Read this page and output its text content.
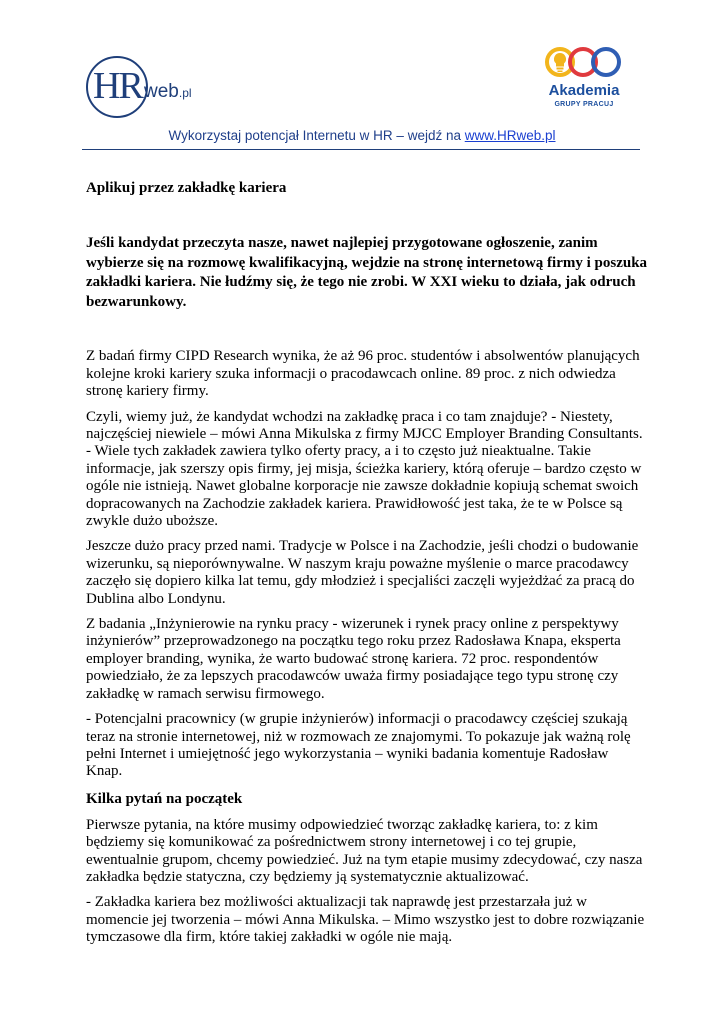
HR web.pl	Akademia
GRUPY PRACUJ
Wykorzystaj potencjał Internetu w HR – wejdź na www.HRweb.pl
Aplikuj przez zakładkę kariera

Jeśli kandydat przeczyta nasze, nawet najlepiej przygotowane ogłoszenie, zanim wybierze się na rozmowę kwalifikacyjną, wejdzie na stronę internetową firmy i poszuka zakładki kariera. Nie łudźmy się, że tego nie zrobi. W XXI wieku to działa, jak odruch bezwarunkowy.

Z badań firmy CIPD Research wynika, że aż 96 proc. studentów i absolwentów planujących kolejne kroki kariery szuka informacji o pracodawcach online. 89 proc. z nich odwiedza stronę kariery firmy.

Czyli, wiemy już, że kandydat wchodzi na zakładkę praca i co tam znajduje? - Niestety, najczęściej niewiele – mówi Anna Mikulska z firmy MJCC Employer Branding Consultants. - Wiele tych zakładek zawiera tylko oferty pracy, a i to często już nieaktualne. Takie informacje, jak szerszy opis firmy, jej misja, ścieżka kariery, którą oferuje – bardzo często w ogóle nie istnieją. Nawet globalne korporacje nie zawsze dokładnie kopiują schemat swoich dopracowanych na Zachodzie zakładek kariera. Prawidłowość jest taka, że te w Polsce są zwykle dużo uboższe.

Jeszcze dużo pracy przed nami. Tradycje w Polsce i na Zachodzie, jeśli chodzi o budowanie wizerunku, są nieporównywalne. W naszym kraju poważne myślenie o marce pracodawcy zaczęło się dopiero kilka lat temu, gdy młodzież i specjaliści zaczęli wyjeżdżać za pracą do Dublina albo Londynu.

Z badania „Inżynierowie na rynku pracy - wizerunek i rynek pracy online z perspektywy inżynierów” przeprowadzonego na początku tego roku przez Radosława Knapa, eksperta employer branding, wynika, że warto budować stronę kariera. 72 proc. respondentów powiedziało, że za lepszych pracodawców uważa firmy posiadające tego typu stronę czy zakładkę w ramach serwisu firmowego.

- Potencjalni pracownicy (w grupie inżynierów) informacji o pracodawcy częściej szukają teraz na stronie internetowej, niż w rozmowach ze znajomymi. To pokazuje jak ważną rolę pełni Internet i umiejętność jego wykorzystania – wyniki badania komentuje Radosław Knap.

Kilka pytań na początek

Pierwsze pytania, na które musimy odpowiedzieć tworząc zakładkę kariera, to: z kim będziemy się komunikować za pośrednictwem strony internetowej i co tej grupie, ewentualnie grupom, chcemy powiedzieć. Już na tym etapie musimy zdecydować, czy nasza zakładka będzie statyczna, czy będziemy ją systematycznie aktualizować.

- Zakładka kariera bez możliwości aktualizacji tak naprawdę jest przestarzała już w momencie jej tworzenia – mówi Anna Mikulska. – Mimo wszystko jest to dobre rozwiązanie tymczasowe dla firm, które takiej zakładki w ogóle nie mają.
